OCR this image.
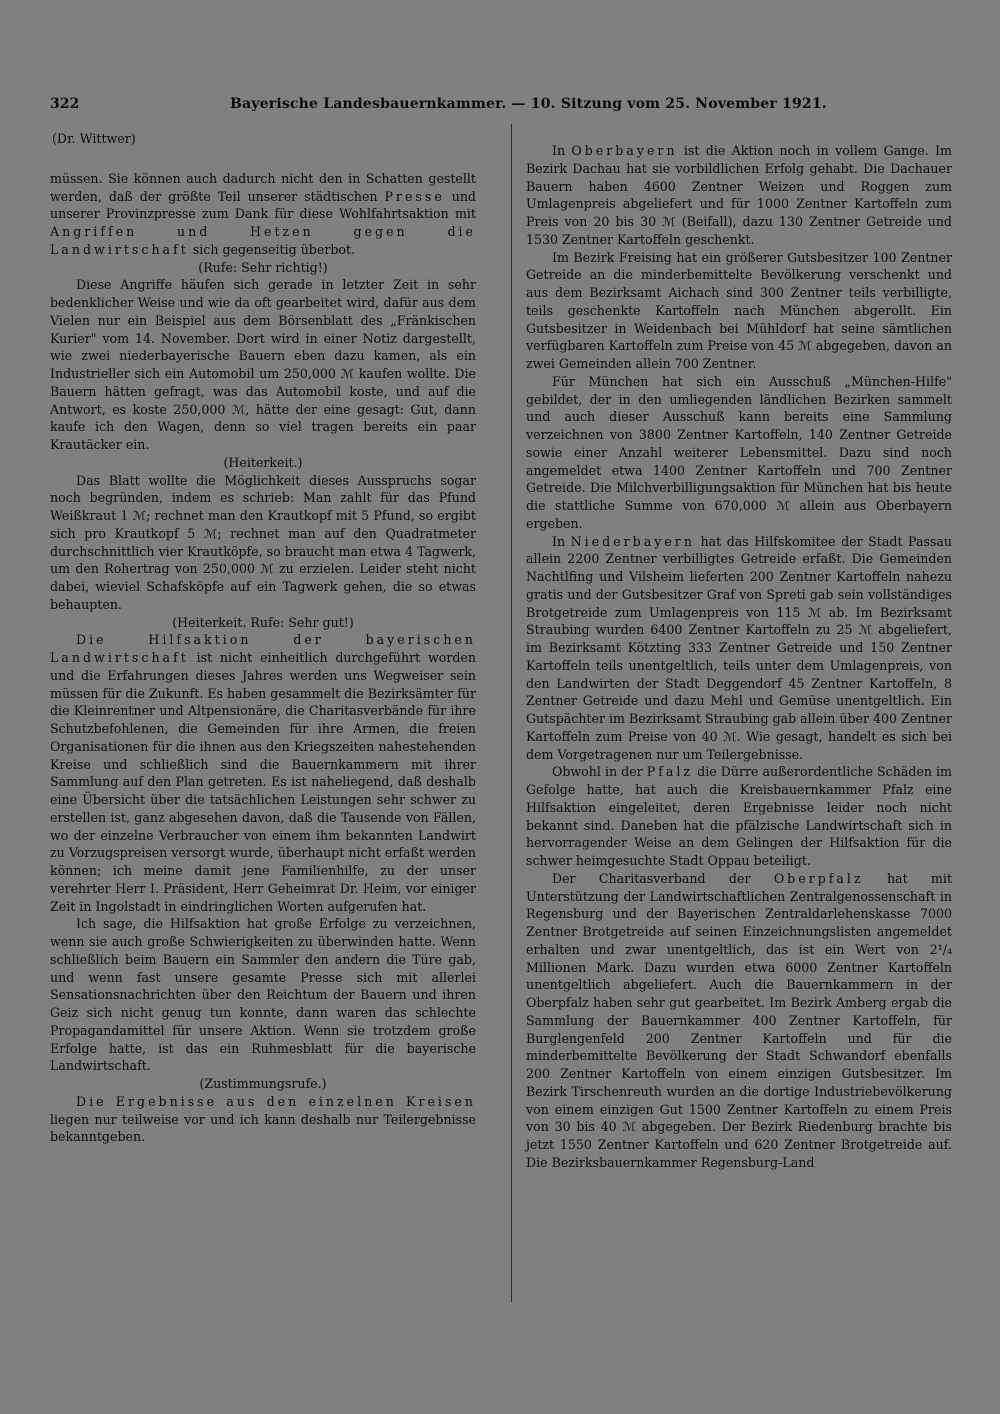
322	Bayerische Landesbauernkammer. — 10. Sitzung vom 25. November 1921.

(Dr. Wittwer)

müssen. Sie können auch dadurch nicht den in Schatten gestellt werden, daß der größte Teil unserer städtischen Presse und unserer Provinzpresse zum Dank für diese Wohlfahrtsaktion mit Angriffen und Hetzen gegen die Landwirtschaft sich gegenseitig überbot.

(Rufe: Sehr richtig!)

Diese Angriffe häufen sich gerade in letzter Zeit in sehr bedenklicher Weise und wie da oft gearbeitet wird, dafür aus dem Vielen nur ein Beispiel aus dem Börsenblatt des „Fränkischen Kurier" vom 14. November. Dort wird in einer Notiz dargestellt, wie zwei niederbayerische Bauern eben dazu kamen, als ein Industrieller sich ein Automobil um 250,000 ℳ kaufen wollte. Die Bauern hätten gefragt, was das Automobil koste, und auf die Antwort, es koste 250,000 ℳ, hätte der eine gesagt: Gut, dann kaufe ich den Wagen, denn so viel tragen bereits ein paar Krautäcker ein.

(Heiterkeit.)

Das Blatt wollte die Möglichkeit dieses Ausspruchs sogar noch begründen, indem es schrieb: Man zahlt für das Pfund Weißkraut 1 ℳ; rechnet man den Krautkopf mit 5 Pfund, so ergibt sich pro Krautkopf 5 ℳ; rechnet man auf den Quadratmeter durchschnittlich vier Krautköpfe, so braucht man etwa 4 Tagwerk, um den Rohertrag von 250,000 ℳ zu erzielen. Leider steht nicht dabei, wieviel Schafsköpfe auf ein Tagwerk gehen, die so etwas behaupten.

(Heiterkeit. Rufe: Sehr gut!)

Die Hilfsaktion der bayerischen Landwirtschaft ist nicht einheitlich durchgeführt worden und die Erfahrungen dieses Jahres werden uns Wegweiser sein müssen für die Zukunft. Es haben gesammelt die Bezirksämter für die Kleinrentner und Altpensionäre, die Charitasverbände für ihre Schutzbefohlenen, die Gemeinden für ihre Armen, die freien Organisationen für die ihnen aus den Kriegszeiten nahestehenden Kreise und schließlich sind die Bauernkammern mit ihrer Sammlung auf den Plan getreten. Es ist naheliegend, daß deshalb eine Übersicht über die tatsächlichen Leistungen sehr schwer zu erstellen ist, ganz abgesehen davon, daß die Tausende von Fällen, wo der einzelne Verbraucher von einem ihm bekannten Landwirt zu Vorzugspreisen versorgt wurde, überhaupt nicht erfaßt werden können; ich meine damit jene Familienhilfe, zu der unser verehrter Herr I. Präsident, Herr Geheimrat Dr. Heim, vor einiger Zeit in Ingolstadt in eindringlichen Worten aufgerufen hat.

Ich sage, die Hilfsaktion hat große Erfolge zu verzeichnen, wenn sie auch große Schwierigkeiten zu überwinden hatte. Wenn schließlich beim Bauern ein Sammler den andern die Türe gab, und wenn fast unsere gesamte Presse sich mit allerlei Sensationsnachrichten über den Reichtum der Bauern und ihren Geiz sich nicht genug tun konnte, dann waren das schlechte Propagandamittel für unsere Aktion. Wenn sie trotzdem große Erfolge hatte, ist das ein Ruhmesblatt für die bayerische Landwirtschaft.

(Zustimmungsrufe.)

Die Ergebnisse aus den einzelnen Kreisen liegen nur teilweise vor und ich kann deshalb nur Teilergebnisse bekanntgeben.

In Oberbayern ist die Aktion noch in vollem Gange. Im Bezirk Dachau hat sie vorbildlichen Erfolg gehabt. Die Dachauer Bauern haben 4600 Zentner Weizen und Roggen zum Umlagenpreis abgeliefert und für 1000 Zentner Kartoffeln zum Preis von 20 bis 30 ℳ (Beifall), dazu 130 Zentner Getreide und 1530 Zentner Kartoffeln geschenkt.

Im Bezirk Freising hat ein größerer Gutsbesitzer 100 Zentner Getreide an die minderbemittelte Bevölkerung verschenkt und aus dem Bezirksamt Aichach sind 300 Zentner teils verbilligte, teils geschenkte Kartoffeln nach München abgerollt. Ein Gutsbesitzer in Weidenbach bei Mühldorf hat seine sämtlichen verfügbaren Kartoffeln zum Preise von 45 ℳ abgegeben, davon an zwei Gemeinden allein 700 Zentner.

Für München hat sich ein Ausschuß „München-Hilfe" gebildet, der in den umliegenden ländlichen Bezirken sammelt und auch dieser Ausschuß kann bereits eine Sammlung verzeichnen von 3800 Zentner Kartoffeln, 140 Zentner Getreide sowie einer Anzahl weiterer Lebensmittel. Dazu sind noch angemeldet etwa 1400 Zentner Kartoffeln und 700 Zentner Getreide. Die Milchverbilligungsaktion für München hat bis heute die stattliche Summe von 670,000 ℳ allein aus Oberbayern ergeben.

In Niederbayern hat das Hilfskomitee der Stadt Passau allein 2200 Zentner verbilligtes Getreide erfaßt. Die Gemeinden Nachtlfing und Vilsheim lieferten 200 Zentner Kartoffeln nahezu gratis und der Gutsbesitzer Graf von Spreti gab sein vollständiges Brotgetreide zum Umlagenpreis von 115 ℳ ab. Im Bezirksamt Straubing wurden 6400 Zentner Kartoffeln zu 25 ℳ abgeliefert, im Bezirksamt Kötzting 333 Zentner Getreide und 150 Zentner Kartoffeln teils unentgeltlich, teils unter dem Umlagenpreis, von den Landwirten der Stadt Deggendorf 45 Zentner Kartoffeln, 8 Zentner Getreide und dazu Mehl und Gemüse unentgeltlich. Ein Gutspächter im Bezirksamt Straubing gab allein über 400 Zentner Kartoffeln zum Preise von 40 ℳ. Wie gesagt, handelt es sich bei dem Vorgetragenen nur um Teilergebnisse.

Obwohl in der Pfalz die Dürre außerordentliche Schäden im Gefolge hatte, hat auch die Kreisbauernkammer Pfalz eine Hilfsaktion eingeleitet, deren Ergebnisse leider noch nicht bekannt sind. Daneben hat die pfälzische Landwirtschaft sich in hervorragender Weise an dem Gelingen der Hilfsaktion für die schwer heimgesuchte Stadt Oppau beteiligt.

Der Charitasverband der Oberpfalz hat mit Unterstützung der Landwirtschaftlichen Zentralgenossenschaft in Regensburg und der Bayerischen Zentraldarlehenskasse 7000 Zentner Brotgetreide auf seinen Einzeichnungslisten angemeldet erhalten und zwar unentgeltlich, das ist ein Wert von 2¹/₄ Millionen Mark. Dazu wurden etwa 6000 Zentner Kartoffeln unentgeltlich abgeliefert. Auch die Bauernkammern in der Oberpfalz haben sehr gut gearbeitet. Im Bezirk Amberg ergab die Sammlung der Bauernkammer 400 Zentner Kartoffeln, für Burglengenfeld 200 Zentner Kartoffeln und für die minderbemittelte Bevölkerung der Stadt Schwandorf ebenfalls 200 Zentner Kartoffeln von einem einzigen Gutsbesitzer. Im Bezirk Tirschenreuth wurden an die dortige Industriebevölkerung von einem einzigen Gut 1500 Zentner Kartoffeln zu einem Preis von 30 bis 40 ℳ abgegeben. Der Bezirk Riedenburg brachte bis jetzt 1550 Zentner Kartoffeln und 620 Zentner Brotgetreide auf. Die Bezirksbauernkammer Regensburg-Land
